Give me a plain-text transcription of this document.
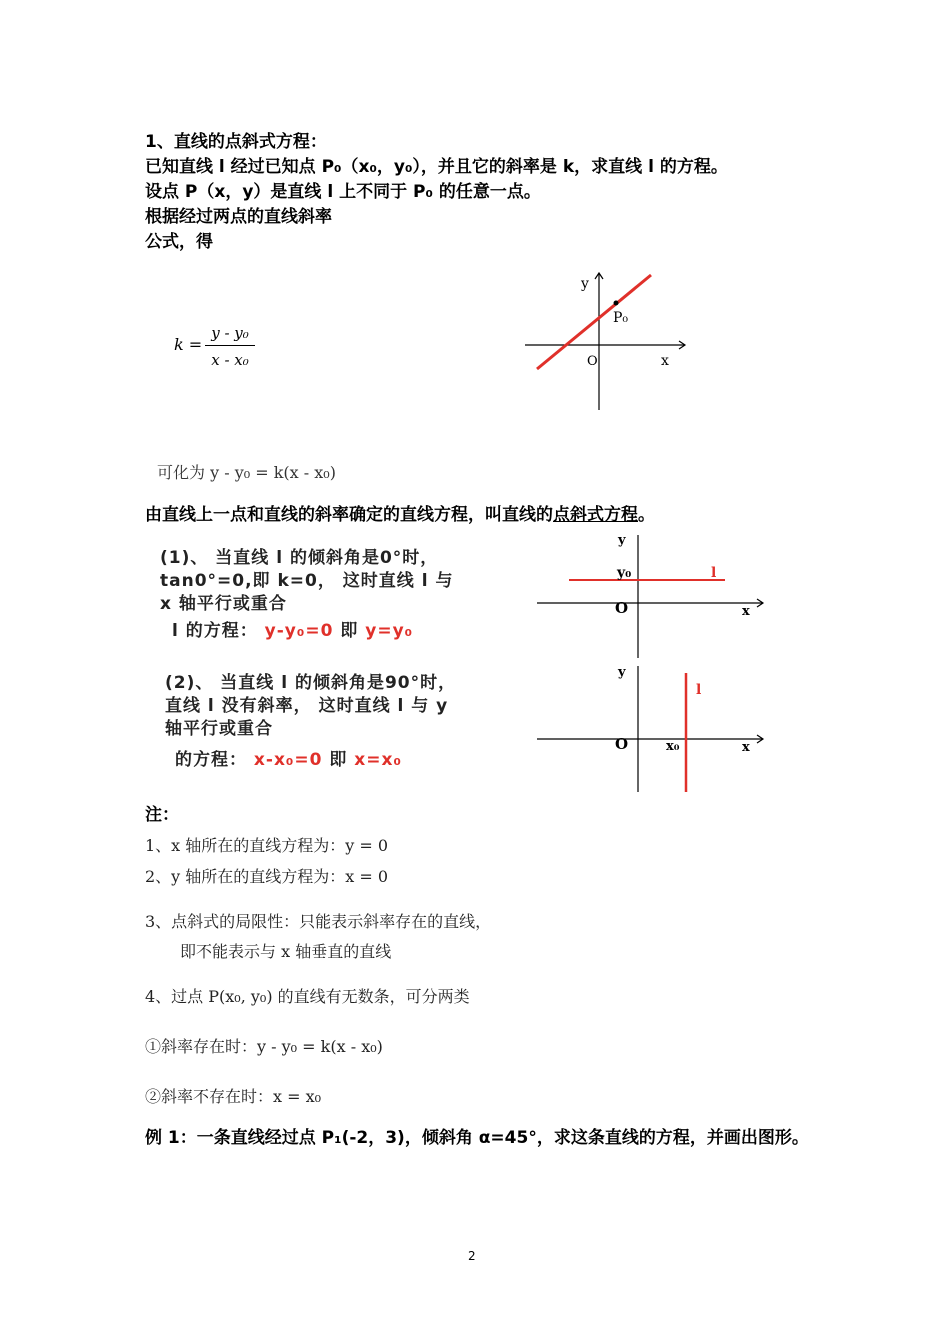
1、直线的点斜式方程：
已知直线 l 经过已知点 P₀（x₀，y₀），并且它的斜率是 k，求直线 l 的方程。
设点 P（x，y）是直线 l 上不同于 P₀ 的任意一点。
根据经过两点的直线斜率
公式，得
k =
y - y₀
x - x₀
y
x
O
P₀
可化为 y - y₀ = k(x - x₀)
由直线上一点和直线的斜率确定的直线方程，叫直线的点斜式方程。
(1)、 当直线 l 的倾斜角是0°时，
tan0°=0,即 k=0， 这时直线 l 与
x 轴平行或重合
l 的方程： y-y₀=0 即 y=y₀
y
y₀	l
O	x
(2)、 当直线 l 的倾斜角是90°时，
直线 l 没有斜率， 这时直线 l 与 y
轴平行或重合
的方程： x-x₀=0 即 x=x₀
y
l
O	x₀	x
注：
1、x 轴所在的直线方程为：y = 0
2、y 轴所在的直线方程为：x = 0
3、点斜式的局限性：只能表示斜率存在的直线，
即不能表示与 x 轴垂直的直线
4、过点 P(x₀, y₀) 的直线有无数条，可分两类
①斜率存在时：y - y₀ = k(x - x₀)
②斜率不存在时：x = x₀
例 1：一条直线经过点 P₁(-2，3)，倾斜角 α=45°，求这条直线的方程，并画出图形。
2
